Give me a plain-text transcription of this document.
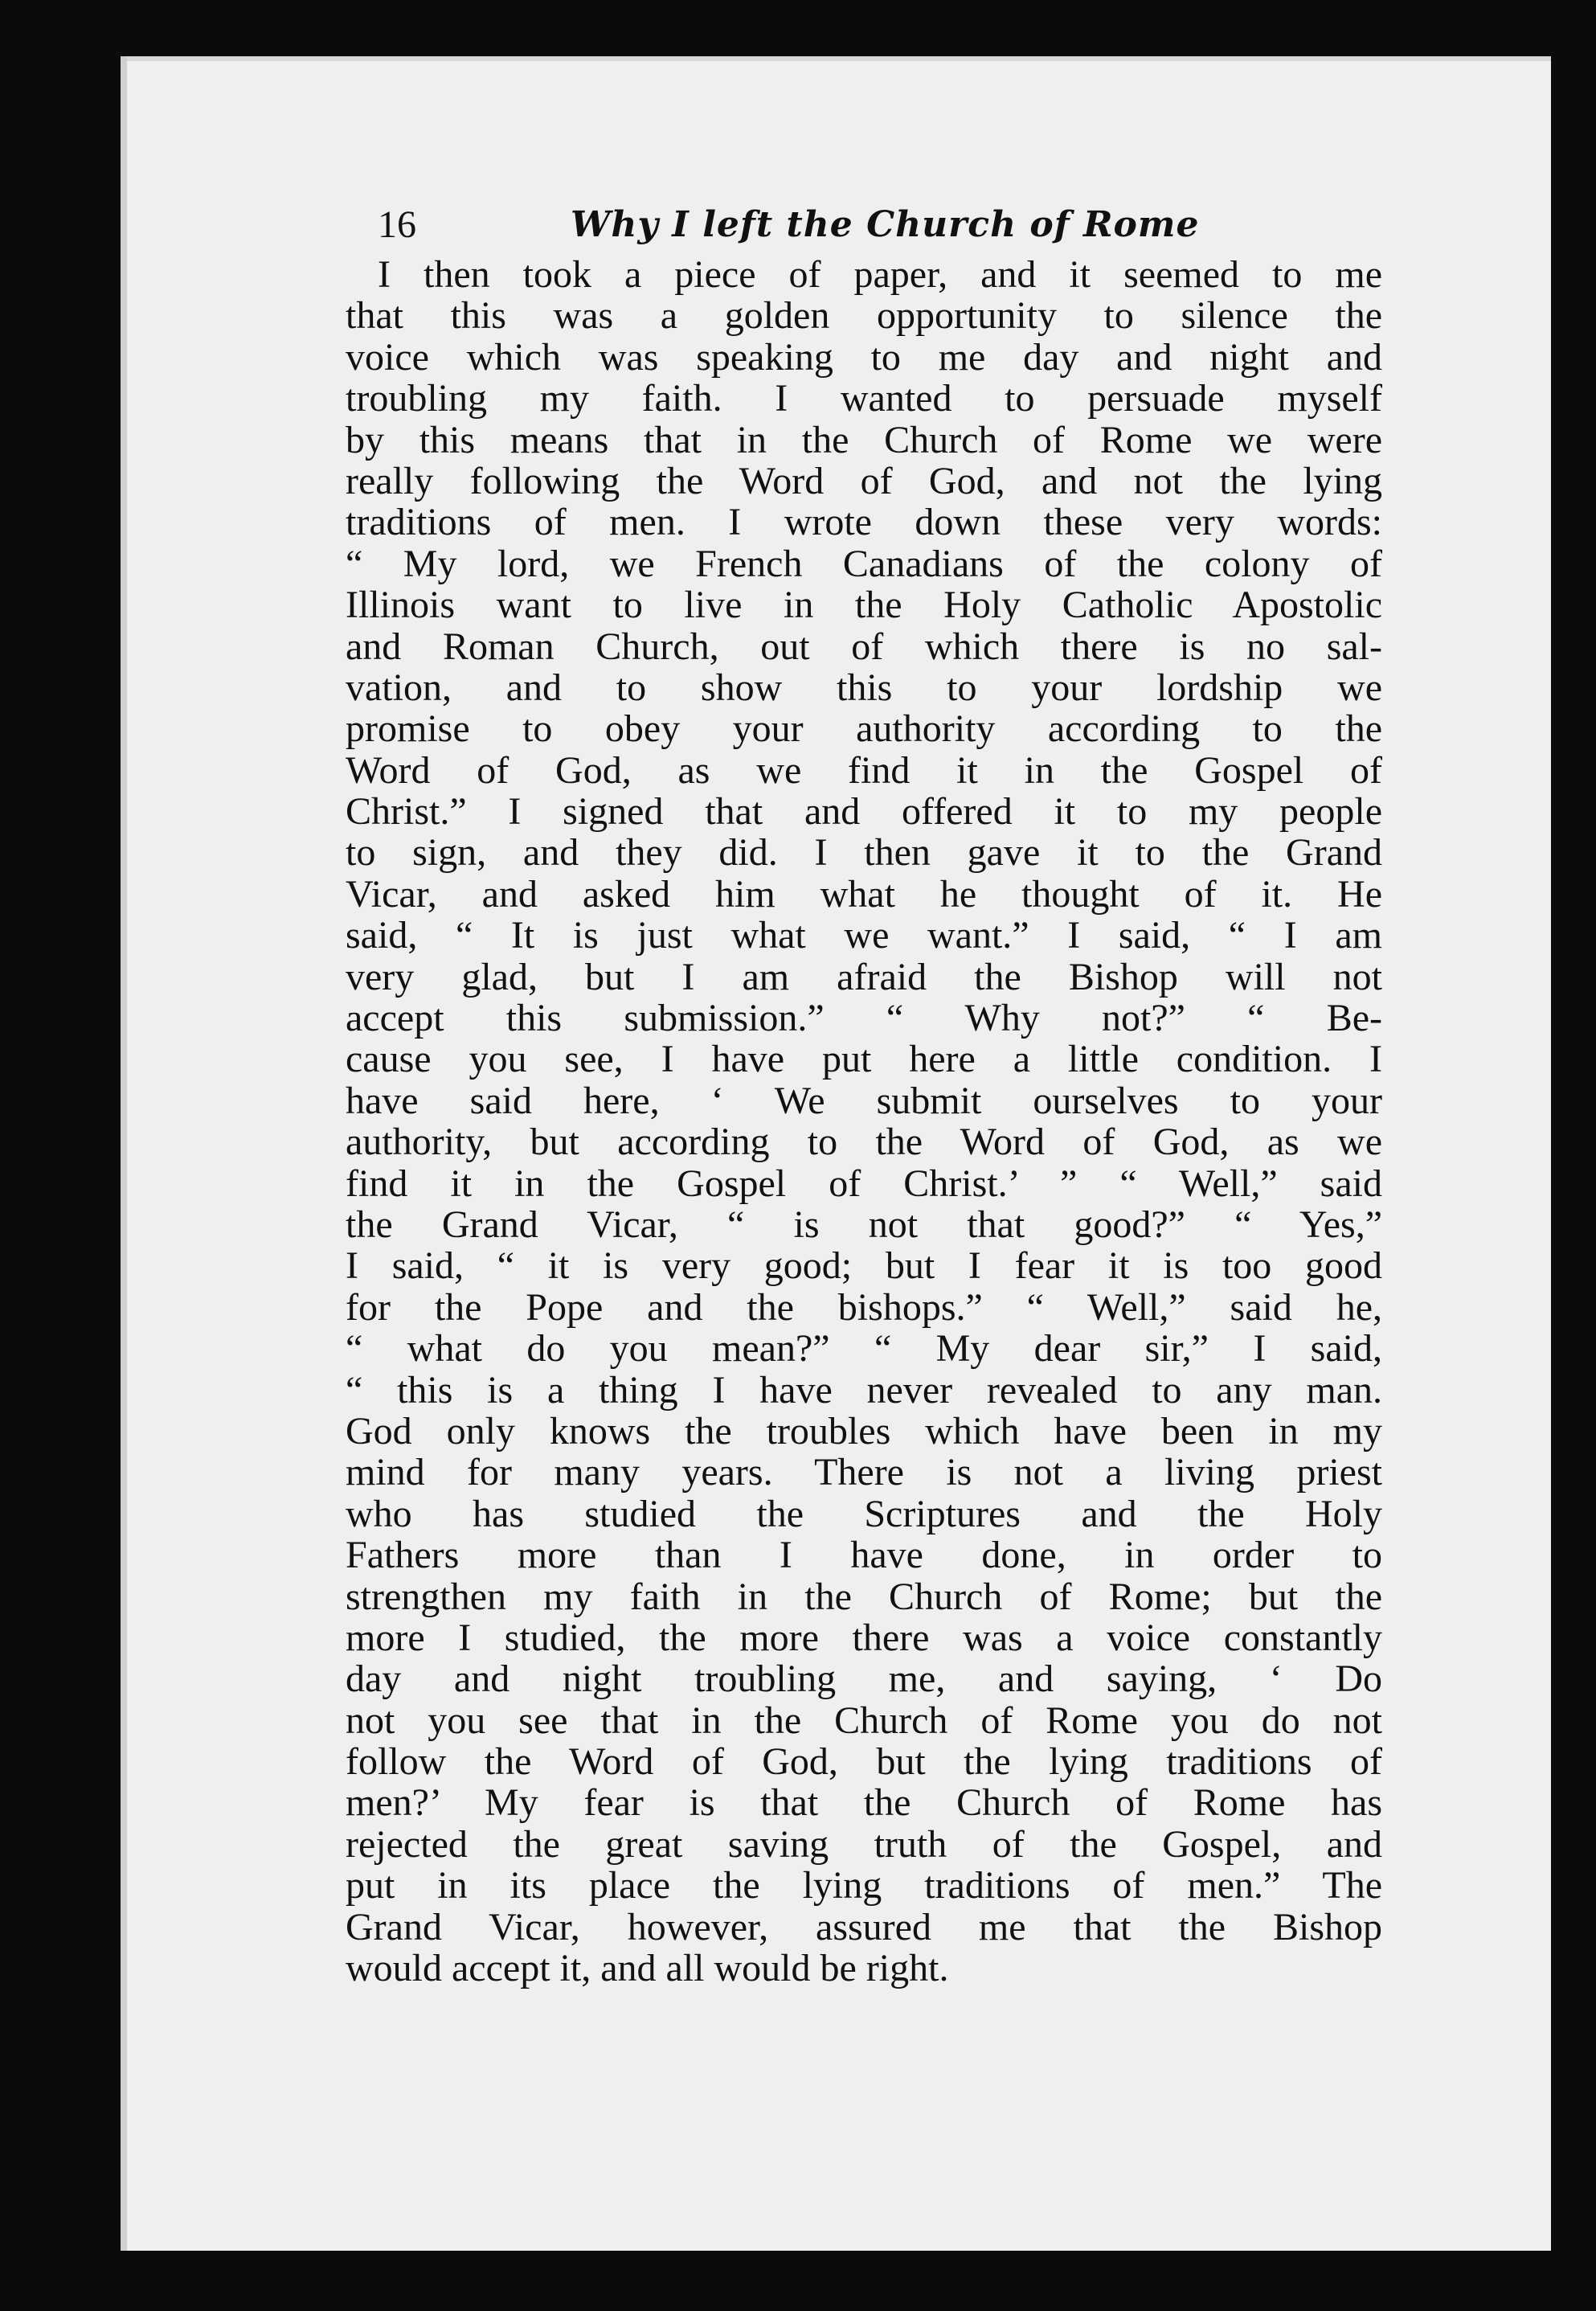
16	Why I left the Church of Rome
I then took a piece of paper, and it seemed to me
that this was a golden opportunity to silence the
voice which was speaking to me day and night and
troubling my faith. I wanted to persuade myself
by this means that in the Church of Rome we were
really following the Word of God, and not the lying
traditions of men. I wrote down these very words:
“ My lord, we French Canadians of the colony of
Illinois want to live in the Holy Catholic Apostolic
and Roman Church, out of which there is no sal-
vation, and to show this to your lordship we
promise to obey your authority according to the
Word of God, as we find it in the Gospel of
Christ.” I signed that and offered it to my people
to sign, and they did. I then gave it to the Grand
Vicar, and asked him what he thought of it. He
said, “ It is just what we want.” I said, “ I am
very glad, but I am afraid the Bishop will not
accept this submission.” “ Why not?” “ Be-
cause you see, I have put here a little condition. I
have said here, ‘ We submit ourselves to your
authority, but according to the Word of God, as we
find it in the Gospel of Christ.’ ” “ Well,” said
the Grand Vicar, “ is not that good?” “ Yes,”
I said, “ it is very good; but I fear it is too good
for the Pope and the bishops.” “ Well,” said he,
“ what do you mean?” “ My dear sir,” I said,
“ this is a thing I have never revealed to any man.
God only knows the troubles which have been in my
mind for many years. There is not a living priest
who has studied the Scriptures and the Holy
Fathers more than I have done, in order to
strengthen my faith in the Church of Rome; but the
more I studied, the more there was a voice constantly
day and night troubling me, and saying, ‘ Do
not you see that in the Church of Rome you do not
follow the Word of God, but the lying traditions of
men?’ My fear is that the Church of Rome has
rejected the great saving truth of the Gospel, and
put in its place the lying traditions of men.” The
Grand Vicar, however, assured me that the Bishop
would accept it, and all would be right.
